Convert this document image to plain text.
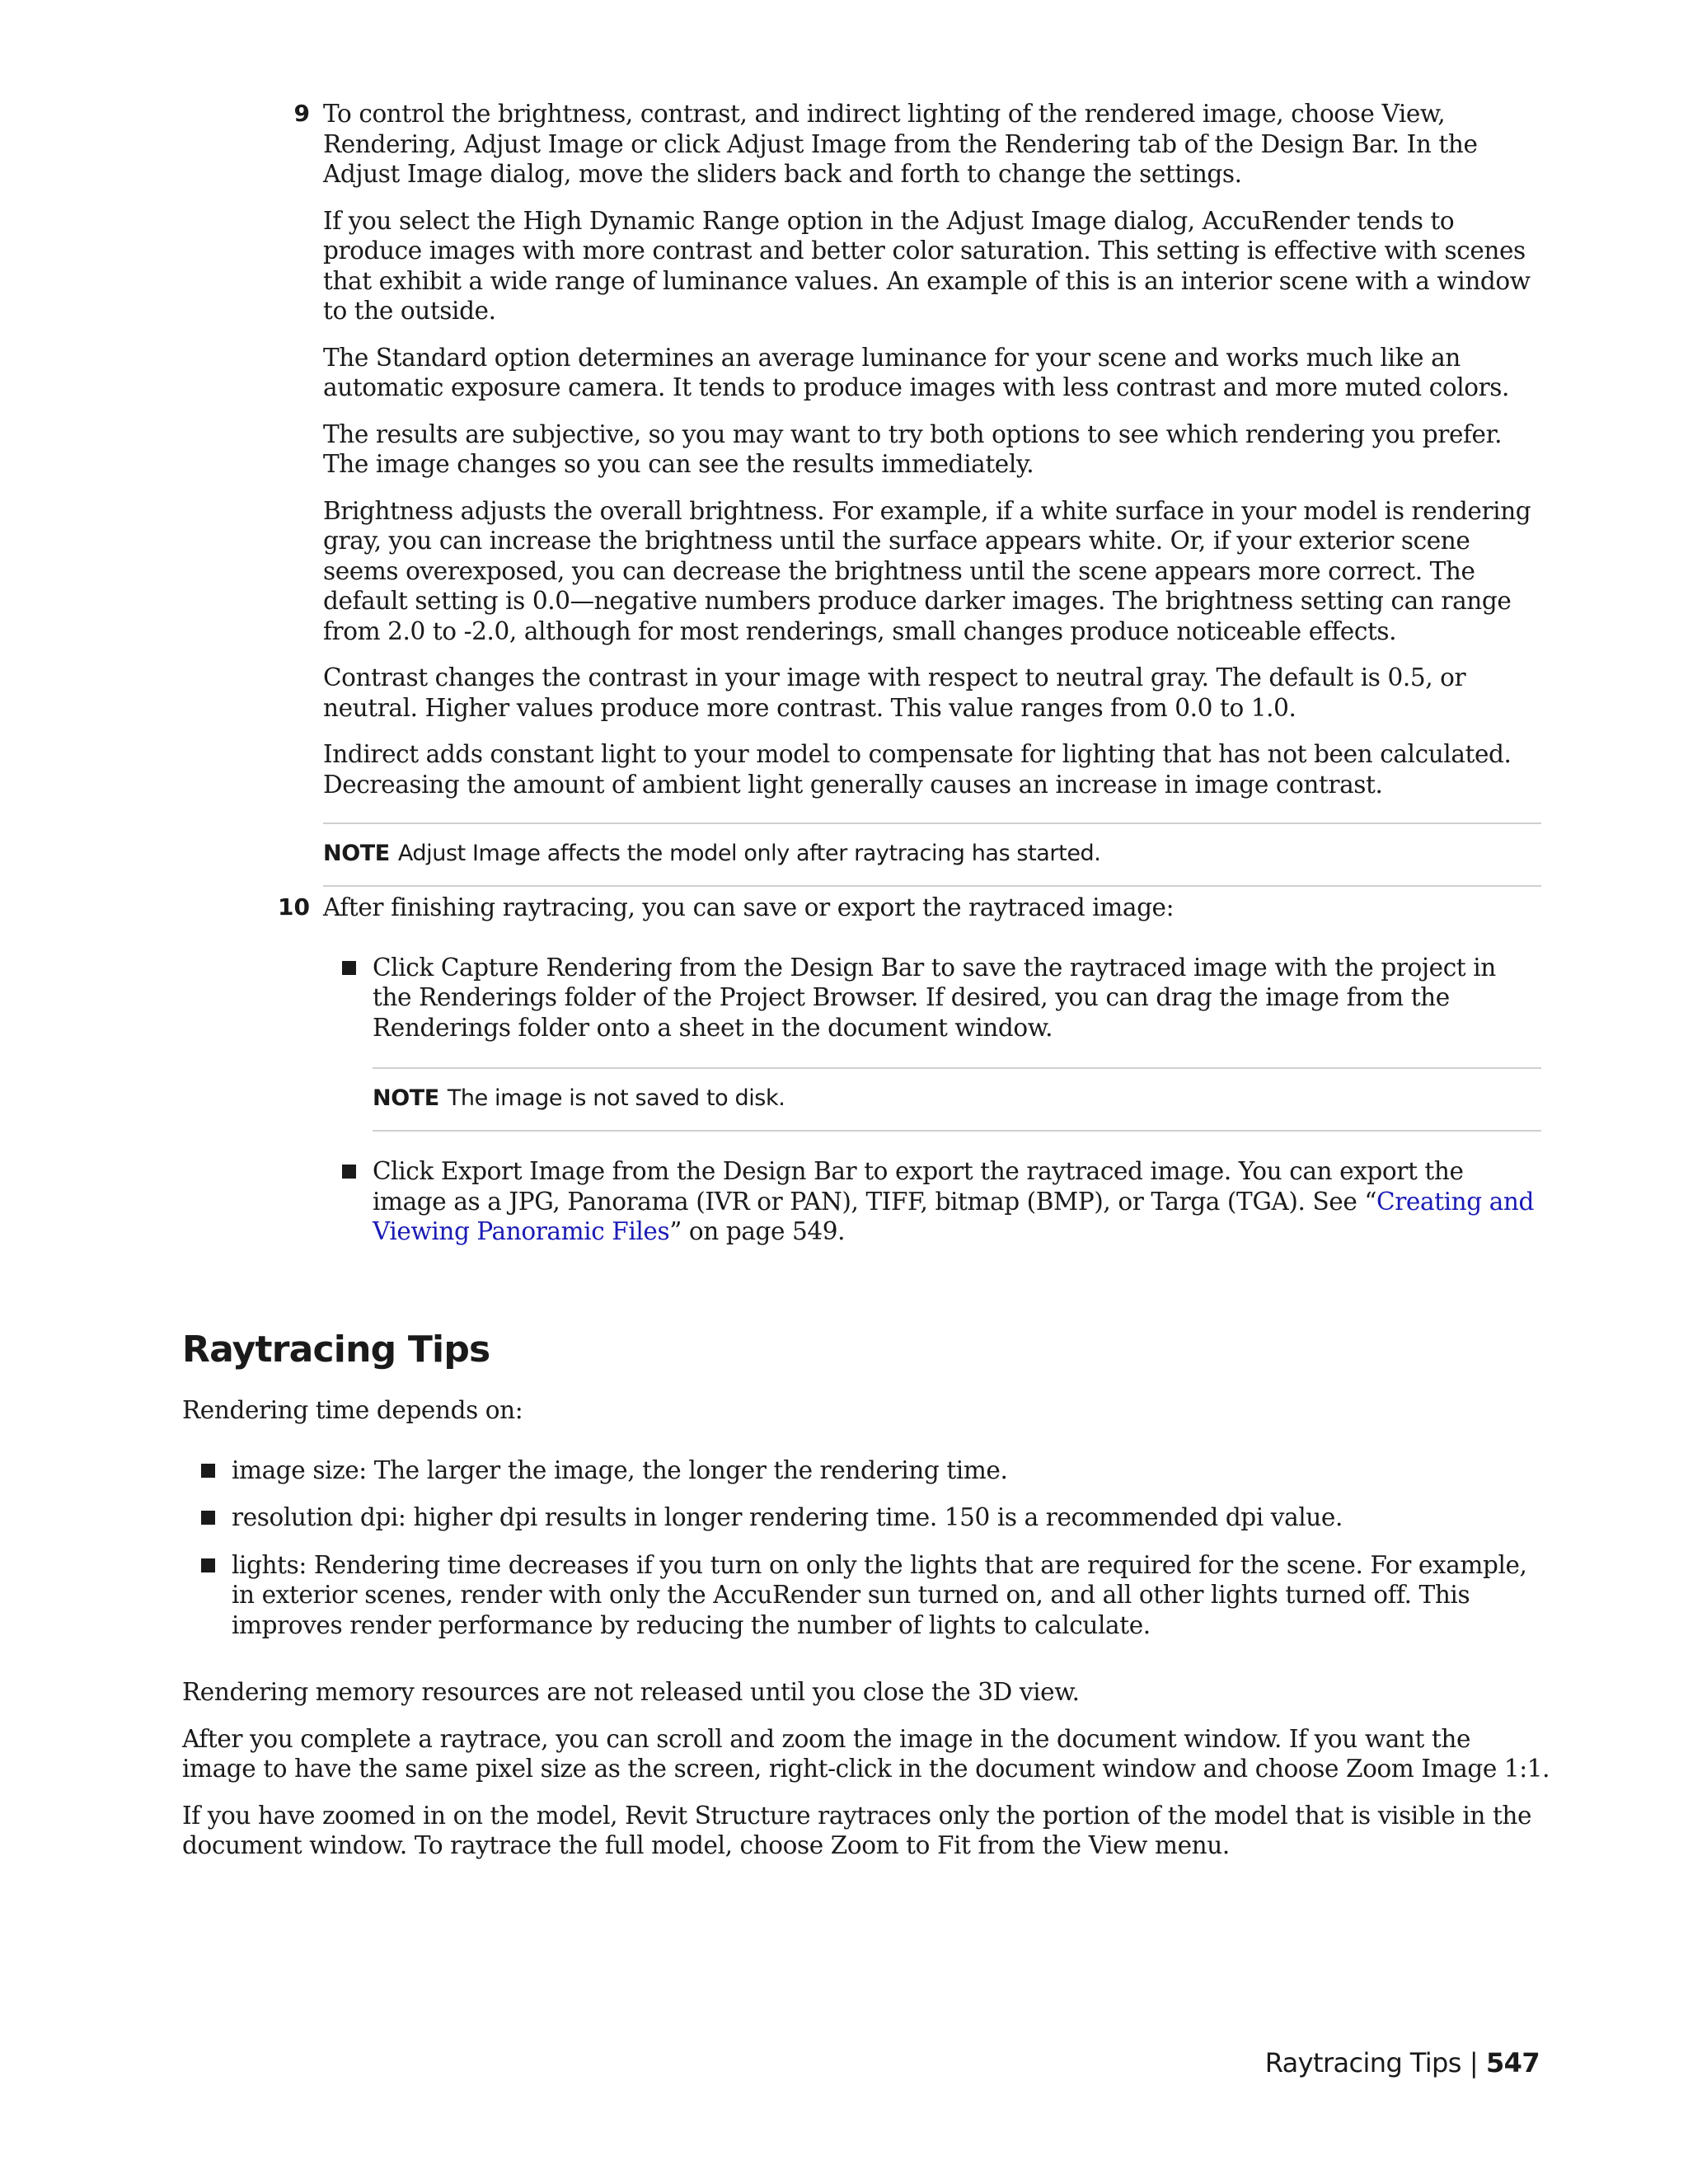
9 To control the brightness, contrast, and indirect lighting of the rendered image, choose View, Rendering, Adjust Image or click Adjust Image from the Rendering tab of the Design Bar. In the Adjust Image dialog, move the sliders back and forth to change the settings.

If you select the High Dynamic Range option in the Adjust Image dialog, AccuRender tends to produce images with more contrast and better color saturation. This setting is effective with scenes that exhibit a wide range of luminance values. An example of this is an interior scene with a window to the outside.

The Standard option determines an average luminance for your scene and works much like an automatic exposure camera. It tends to produce images with less contrast and more muted colors.

The results are subjective, so you may want to try both options to see which rendering you prefer. The image changes so you can see the results immediately.

Brightness adjusts the overall brightness. For example, if a white surface in your model is rendering gray, you can increase the brightness until the surface appears white. Or, if your exterior scene seems overexposed, you can decrease the brightness until the scene appears more correct. The default setting is 0.0—negative numbers produce darker images. The brightness setting can range from 2.0 to -2.0, although for most renderings, small changes produce noticeable effects.

Contrast changes the contrast in your image with respect to neutral gray. The default is 0.5, or neutral. Higher values produce more contrast. This value ranges from 0.0 to 1.0.

Indirect adds constant light to your model to compensate for lighting that has not been calculated. Decreasing the amount of ambient light generally causes an increase in image contrast.

NOTE Adjust Image affects the model only after raytracing has started.
10 After finishing raytracing, you can save or export the raytraced image:

Click Capture Rendering from the Design Bar to save the raytraced image with the project in the Renderings folder of the Project Browser. If desired, you can drag the image from the Renderings folder onto a sheet in the document window.
NOTE The image is not saved to disk.
Click Export Image from the Design Bar to export the raytraced image. You can export the image as a JPG, Panorama (IVR or PAN), TIFF, bitmap (BMP), or Targa (TGA). See “Creating and Viewing Panoramic Files” on page 549.
Raytracing Tips

Rendering time depends on:

image size: The larger the image, the longer the rendering time.
resolution dpi: higher dpi results in longer rendering time. 150 is a recommended dpi value.
lights: Rendering time decreases if you turn on only the lights that are required for the scene. For example, in exterior scenes, render with only the AccuRender sun turned on, and all other lights turned off. This improves render performance by reducing the number of lights to calculate.

Rendering memory resources are not released until you close the 3D view.

After you complete a raytrace, you can scroll and zoom the image in the document window. If you want the image to have the same pixel size as the screen, right-click in the document window and choose Zoom Image 1:1.

If you have zoomed in on the model, Revit Structure raytraces only the portion of the model that is visible in the document window. To raytrace the full model, choose Zoom to Fit from the View menu.

Raytracing Tips | 547
